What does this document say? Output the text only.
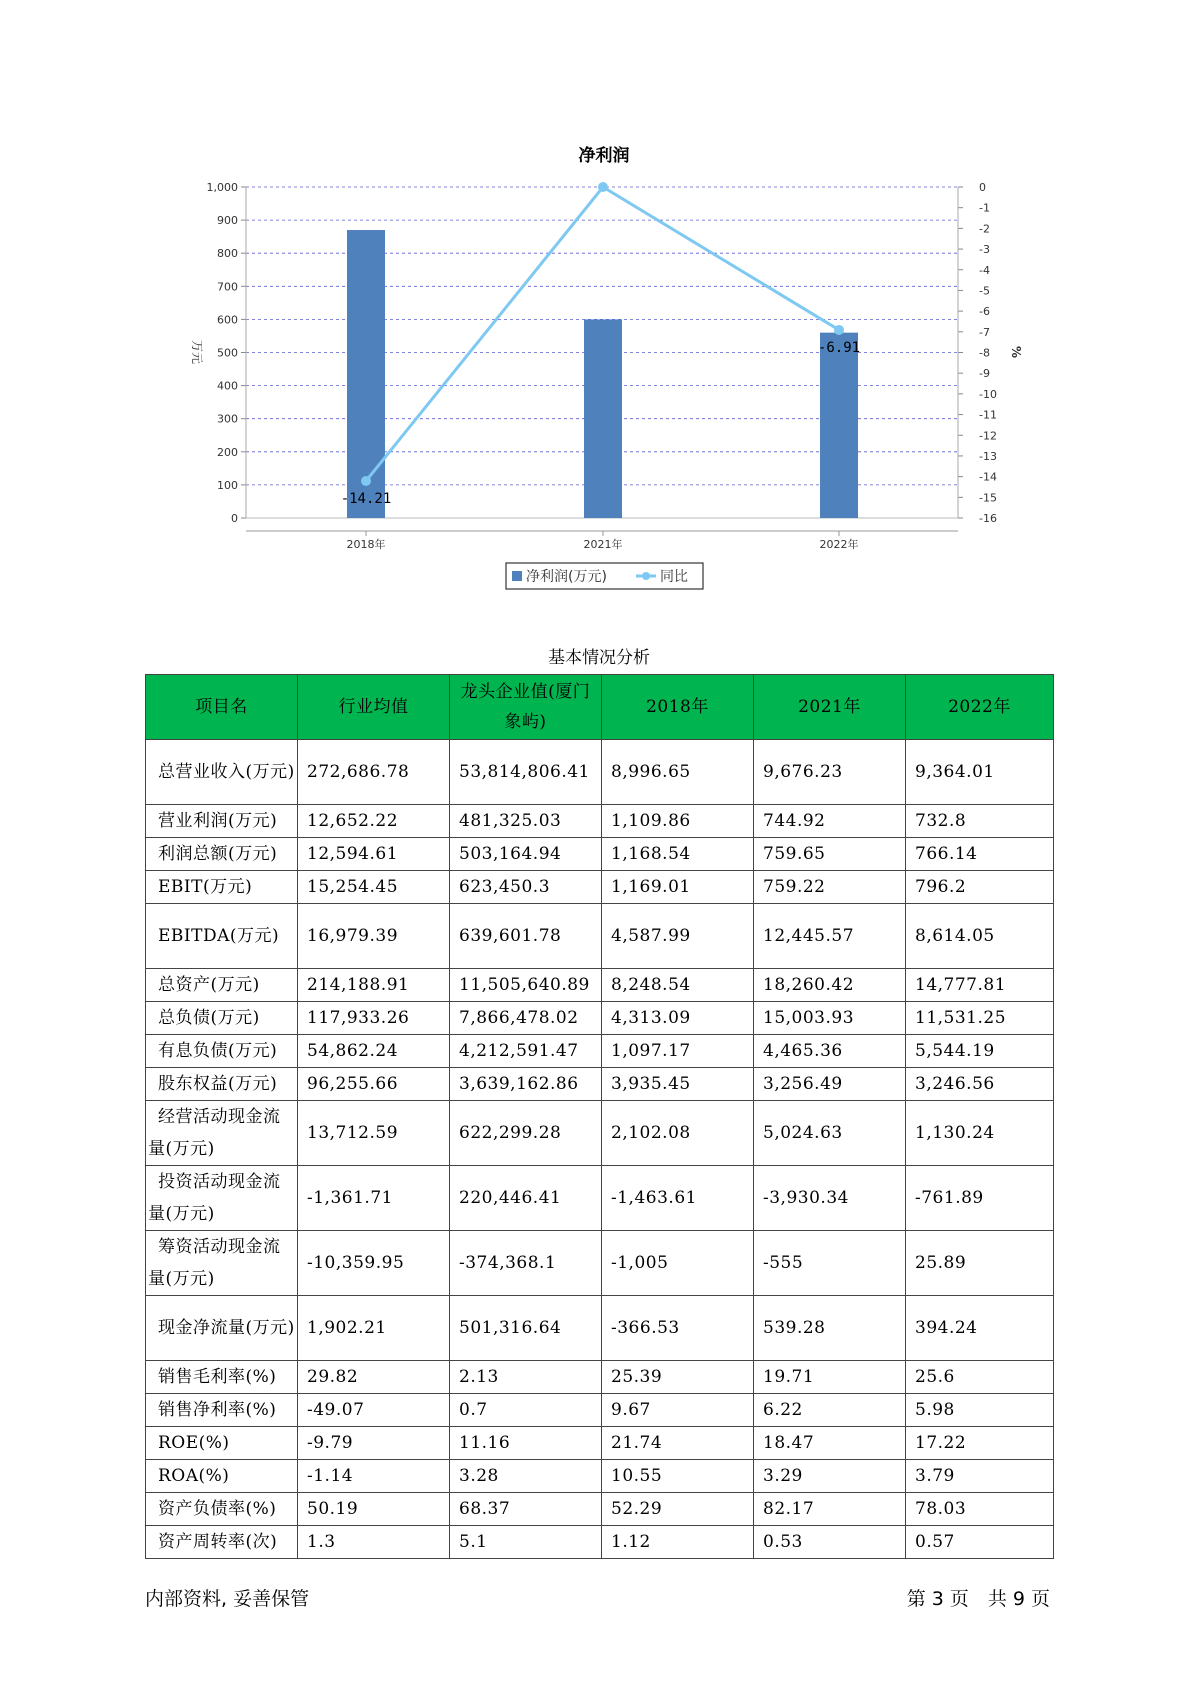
净利润
0
100
200
300
400
500
600
700
800
900
1,000	0
-1
-2
-3
-4
-5
-6
-7
-8
-9
-10
-11
-12
-13
-14
-15
-16
2018年	2021年	2022年
-14.21
-6.91
万元	%
净利润(万元)	同比
基本情况分析
项目名	行业均值	龙头企业值(厦门象屿)	2018年	2021年	2022年
总营业收入(万元)	272,686.78	53,814,806.41	8,996.65	9,676.23	9,364.01
营业利润(万元)	12,652.22	481,325.03	1,109.86	744.92	732.8
利润总额(万元)	12,594.61	503,164.94	1,168.54	759.65	766.14
EBIT(万元)	15,254.45	623,450.3	1,169.01	759.22	796.2
EBITDA(万元)	16,979.39	639,601.78	4,587.99	12,445.57	8,614.05
总资产(万元)	214,188.91	11,505,640.89	8,248.54	18,260.42	14,777.81
总负债(万元)	117,933.26	7,866,478.02	4,313.09	15,003.93	11,531.25
有息负债(万元)	54,862.24	4,212,591.47	1,097.17	4,465.36	5,544.19
股东权益(万元)	96,255.66	3,639,162.86	3,935.45	3,256.49	3,246.56
经营活动现金流量(万元)	13,712.59	622,299.28	2,102.08	5,024.63	1,130.24
投资活动现金流量(万元)	-1,361.71	220,446.41	-1,463.61	-3,930.34	-761.89
筹资活动现金流量(万元)	-10,359.95	-374,368.1	-1,005	-555	25.89
现金净流量(万元)	1,902.21	501,316.64	-366.53	539.28	394.24
销售毛利率(%)	29.82	2.13	25.39	19.71	25.6
销售净利率(%)	-49.07	0.7	9.67	6.22	5.98
ROE(%)	-9.79	11.16	21.74	18.47	17.22
ROA(%)	-1.14	3.28	10.55	3.29	3.79
资产负债率(%)	50.19	68.37	52.29	82.17	78.03
资产周转率(次)	1.3	5.1	1.12	0.53	0.57
内部资料, 妥善保管	第 3 页　共 9 页
